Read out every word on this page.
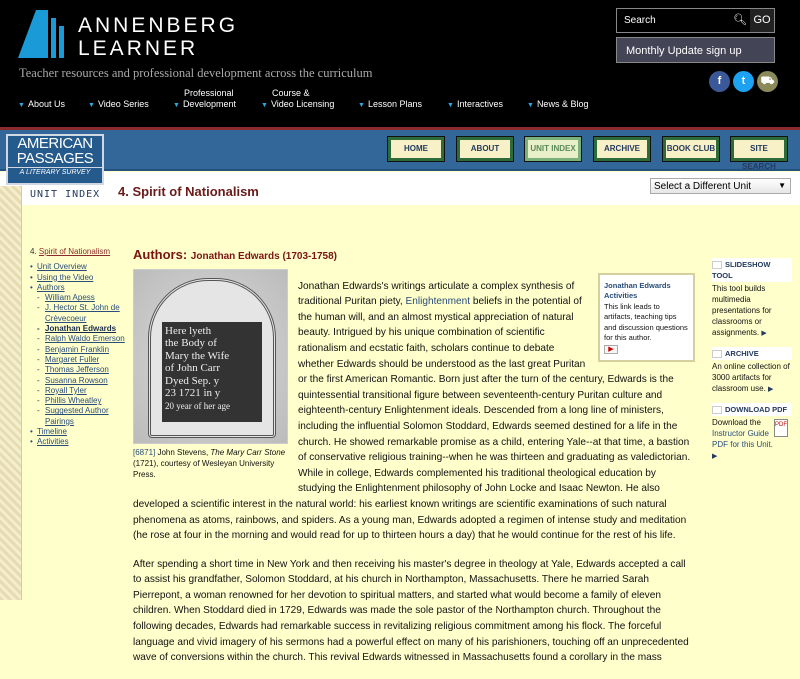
ANNENBERG
LEARNER
Teacher resources and professional development across the curriculum
Search	🔍︎ GO
Monthly Update sign up
f	t	⛟
▼ About Us	▼ Video Series
Professional
▼ Development
Course &
▼ Video Licensing	▼ Lesson Plans	▼ Interactives	▼ News & Blog
AMERICAN
PASSAGES
A LITERARY SURVEY
HOME	ABOUT	UNIT INDEX	ARCHIVE	BOOK CLUB	SITE SEARCH
UNIT INDEX 4. Spirit of Nationalism	Select a Different Unit	▼
4. Spirit of Nationalism
• Unit Overview
• Using the Video
• Authors
- William Apess
- J. Hector St. John de Crèvecoeur
- Jonathan Edwards
- Ralph Waldo Emerson
- Benjamin Franklin
- Margaret Fuller
- Thomas Jefferson
- Susanna Rowson
- Royall Tyler
- Phillis Wheatley
- Suggested Author Pairings
• Timeline
• Activities
Authors: Jonathan Edwards (1703-1758)
Here lyeth
the Body of
Mary the Wife
of John Carr
Dyed Sep. y
23 1721 in y
20 year of her age
[6871] John Stevens, The Mary Carr Stone (1721), courtesy of Wesleyan University Press.
Jonathan Edwards Activities
This link leads to artifacts, teaching tips and discussion questions for this author.
▶

Jonathan Edwards's writings articulate a complex synthesis of traditional Puritan piety, Enlightenment beliefs in the potential of the human will, and an almost mystical appreciation of natural beauty. Intrigued by his unique combination of scientific rationalism and ecstatic faith, scholars continue to debate whether Edwards should be understood as the last great Puritan or the first American Romantic. Born just after the turn of the century, Edwards is the quintessential transitional figure between seventeenth-century Puritan culture and eighteenth-century Enlightenment ideals. Descended from a long line of ministers, including the influential Solomon Stoddard, Edwards seemed destined for a life in the church. He showed remarkable promise as a child, entering Yale--at that time, a bastion of conservative religious training--when he was thirteen and graduating as valedictorian. While in college, Edwards complemented his traditional theological education by studying the Enlightenment philosophy of John Locke and Isaac Newton. He also developed a scientific interest in the natural world: his earliest known writings are scientific examinations of such natural phenomena as atoms, rainbows, and spiders. As a young man, Edwards adopted a regimen of intense study and meditation (he rose at four in the morning and would read for up to thirteen hours a day) that he would continue for the rest of his life.

After spending a short time in New York and then receiving his master's degree in theology at Yale, Edwards accepted a call to assist his grandfather, Solomon Stoddard, at his church in Northampton, Massachusetts. There he married Sarah Pierrepont, a woman renowned for her devotion to spiritual matters, and started what would become a family of eleven children. When Stoddard died in 1729, Edwards was made the sole pastor of the Northampton church. Throughout the following decades, Edwards had remarkable success in revitalizing religious commitment among his flock. The forceful language and vivid imagery of his sermons had a powerful effect on many of his parishioners, touching off an unprecedented wave of conversions within the church. This revival Edwards witnessed in Massachusetts found a corollary in the mass

SLIDESHOW TOOL
This tool builds multimedia presentations for classrooms or assignments. ▶
ARCHIVE
An online collection of 3000 artifacts for classroom use. ▶
DOWNLOAD PDF
PDF
Download the Instructor Guide PDF for this Unit.
▶
